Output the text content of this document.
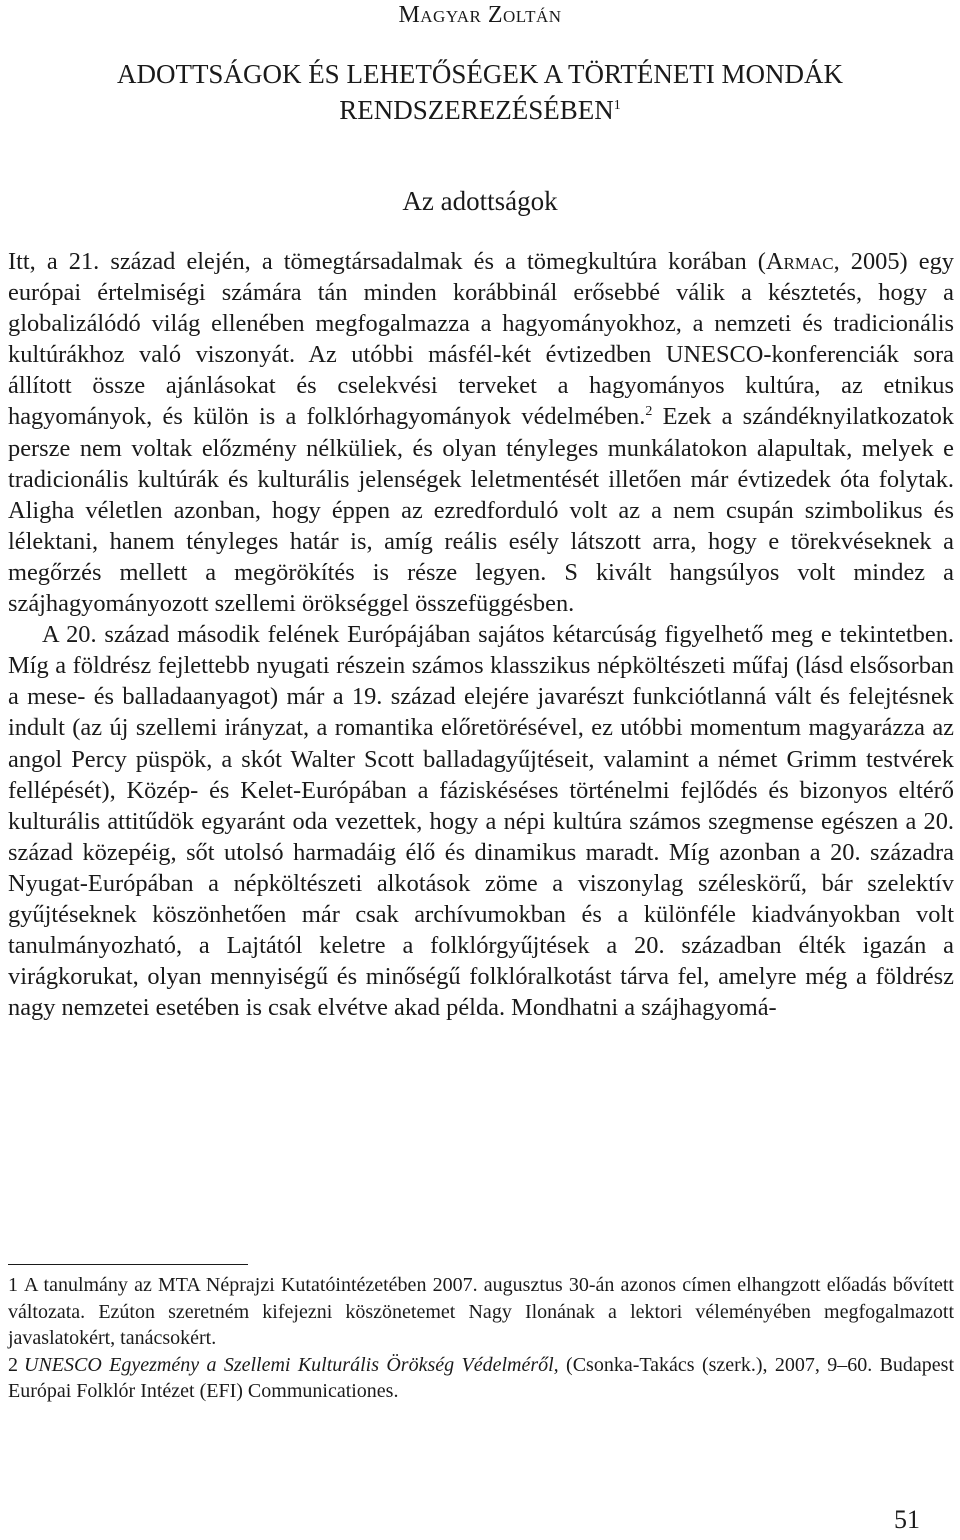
Magyar Zoltán
ADOTTSÁGOK ÉS LEHETŐSÉGEK A TÖRTÉNETI MONDÁK RENDSZEREZÉSÉBEN$^1$
Az adottságok

Itt, a 21. század elején, a tömegtársadalmak és a tömegkultúra korában (Armac, 2005) egy európai értelmiségi számára tán minden korábbinál erősebbé válik a késztetés, hogy a globalizálódó világ ellenében megfogalmazza a hagyományokhoz, a nemzeti és tradicionális kultúrákhoz való viszonyát. Az utóbbi másfél-két évtizedben UNESCO-konferenciák sora állított össze ajánlásokat és cselekvési terveket a hagyományos kultúra, az etnikus hagyományok, és külön is a folklórhagyományok védelmében.$^2$ Ezek a szándéknyilatkozatok persze nem voltak előzmény nélküliek, és olyan tényleges munkálatokon alapultak, melyek e tradicionális kultúrák és kulturális jelenségek leletmentését illetően már évtizedek óta folytak. Aligha véletlen azonban, hogy éppen az ezredforduló volt az a nem csupán szimbolikus és lélektani, hanem tényleges határ is, amíg reális esély látszott arra, hogy e törekvéseknek a megőrzés mellett a megörökítés is része legyen. S kivált hangsúlyos volt mindez a szájhagyományozott szellemi örökséggel összefüggésben.

A 20. század második felének Európájában sajátos kétarcúság figyelhető meg e tekintetben. Míg a földrész fejlettebb nyugati részein számos klasszikus népköltészeti műfaj (lásd elsősorban a mese- és balladaanyagot) már a 19. század elejére javarészt funkciótlanná vált és felejtésnek indult (az új szellemi irányzat, a romantika előretörésével, ez utóbbi momentum magyarázza az angol Percy püspök, a skót Walter Scott balladagyűjtéseit, valamint a német Grimm testvérek fellépését), Közép- és Kelet-Európában a fáziskéséses történelmi fejlődés és bizonyos eltérő kulturális attitűdök egyaránt oda vezettek, hogy a népi kultúra számos szegmense egészen a 20. század közepéig, sőt utolsó harmadáig élő és dinamikus maradt. Míg azonban a 20. századra Nyugat-Európában a népköltészeti alkotások zöme a viszonylag széleskörű, bár szelektív gyűjtéseknek köszönhetően már csak archívumokban és a különféle kiadványokban volt tanulmányozható, a Lajtától keletre a folklórgyűjtések a 20. században élték igazán a virágkorukat, olyan mennyiségű és minőségű folklóralkotást tárva fel, amelyre még a földrész nagy nemzetei esetében is csak elvétve akad példa. Mondhatni a szájhagyomá-

1 A tanulmány az MTA Néprajzi Kutatóintézetében 2007. augusztus 30-án azonos címen elhangzott előadás bővített változata. Ezúton szeretném kifejezni köszönetemet Nagy Ilonának a lektori véleményében megfogalmazott javaslatokért, tanácsokért.

2 UNESCO Egyezmény a Szellemi Kulturális Örökség Védelméről, (Csonka-Takács (szerk.), 2007, 9–60. Budapest Európai Folklór Intézet (EFI) Communicationes.

51
